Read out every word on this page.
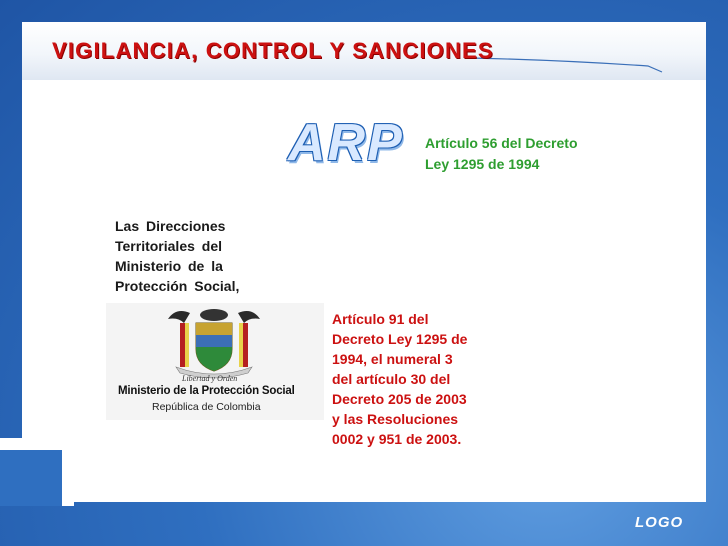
VIGILANCIA, CONTROL Y SANCIONES
ARP Artículo 56 del Decreto
Ley 1295 de 1994
Las Direcciones
Territoriales del
Ministerio de la
Protección Social,
Libertad y Orden
Ministerio de la Protección Social
República de Colombia
Artículo 91 del
Decreto Ley 1295 de
1994, el numeral 3
del artículo 30 del
Decreto 205 de 2003
y las Resoluciones
0002 y 951 de 2003.
LOGO
